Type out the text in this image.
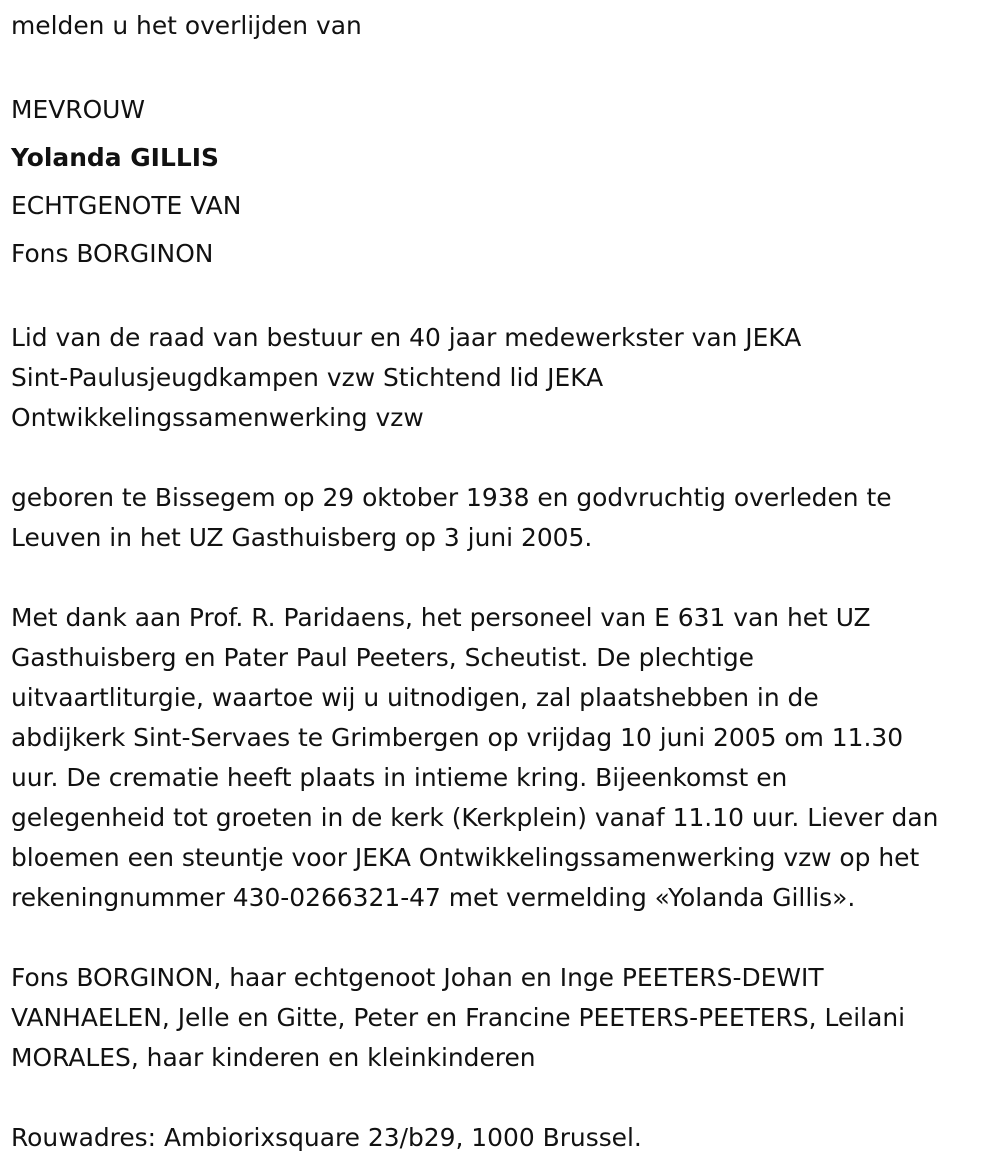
melden u het overlijden van
MEVROUW
Yolanda GILLIS
ECHTGENOTE VAN
Fons BORGINON
Lid van de raad van bestuur en 40 jaar medewerkster van JEKA
Sint-Paulusjeugdkampen vzw Stichtend lid JEKA
Ontwikkelingssamenwerking vzw
geboren te Bissegem op 29 oktober 1938 en godvruchtig overleden te
Leuven in het UZ Gasthuisberg op 3 juni 2005.
Met dank aan Prof. R. Paridaens, het personeel van E 631 van het UZ
Gasthuisberg en Pater Paul Peeters, Scheutist. De plechtige
uitvaartliturgie, waartoe wij u uitnodigen, zal plaatshebben in de
abdijkerk Sint-Servaes te Grimbergen op vrijdag 10 juni 2005 om 11.30
uur. De crematie heeft plaats in intieme kring. Bijeenkomst en
gelegenheid tot groeten in de kerk (Kerkplein) vanaf 11.10 uur. Liever dan
bloemen een steuntje voor JEKA Ontwikkelingssamenwerking vzw op het
rekeningnummer 430-0266321-47 met vermelding «Yolanda Gillis».
Fons BORGINON, haar echtgenoot Johan en Inge PEETERS-DEWIT
VANHAELEN, Jelle en Gitte, Peter en Francine PEETERS-PEETERS, Leilani
MORALES, haar kinderen en kleinkinderen
Rouwadres: Ambiorixsquare 23/b29, 1000 Brussel.
